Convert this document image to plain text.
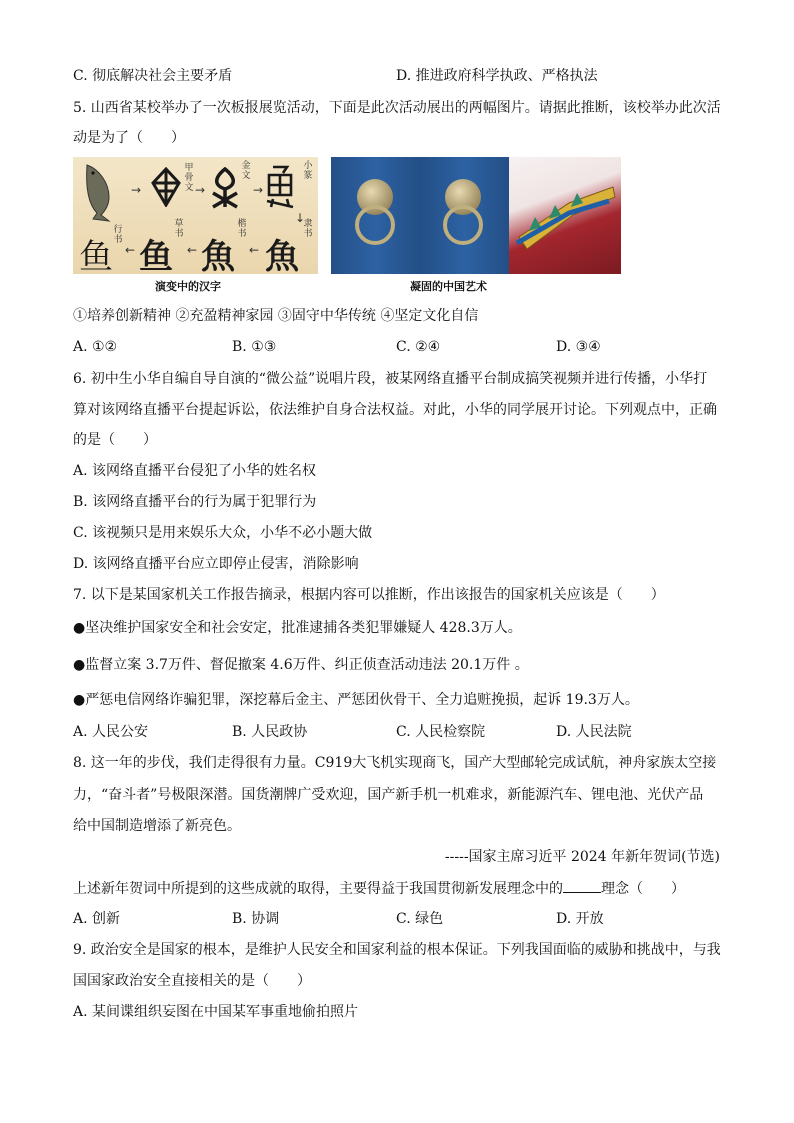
C. 彻底解决社会主要矛盾	D. 推进政府科学执政、严格执法
5. 山西省某校举办了一次板报展览活动，下面是此次活动展出的两幅图片。请据此推断，该校举办此次活
动是为了（　　）
→
甲骨文 →
金文
→
小篆
↓
鱼
行书
← 鱼
草书
← 魚
楷书
← 魚
隶书
演变中的汉字	凝固的中国艺术
①培养创新精神 ②充盈精神家园 ③固守中华传统 ④坚定文化自信
A. ①②	B. ①③	C. ②④	D. ③④
6. 初中生小华自编自导自演的“微公益”说唱片段，被某网络直播平台制成搞笑视频并进行传播，小华打
算对该网络直播平台提起诉讼，依法维护自身合法权益。对此，小华的同学展开讨论。下列观点中，正确
的是（　　）
A. 该网络直播平台侵犯了小华的姓名权
B. 该网络直播平台的行为属于犯罪行为
C. 该视频只是用来娱乐大众，小华不必小题大做
D. 该网络直播平台应立即停止侵害，消除影响
7. 以下是某国家机关工作报告摘录，根据内容可以推断，作出该报告的国家机关应该是（　　）
●坚决维护国家安全和社会安定，批准逮捕各类犯罪嫌疑人 428.3万人。
●监督立案 3.7万件、督促撤案 4.6万件、纠正侦查活动违法 20.1万件 。
●严惩电信网络诈骗犯罪，深挖幕后金主、严惩团伙骨干、全力追赃挽损，起诉 19.3万人。
A. 人民公安	B. 人民政协	C. 人民检察院	D. 人民法院
8. 这一年的步伐，我们走得很有力量。C919大飞机实现商飞，国产大型邮轮完成试航，神舟家族太空接
力，“奋斗者”号极限深潜。国货潮牌广受欢迎，国产新手机一机难求，新能源汽车、锂电池、光伏产品
给中国制造增添了新亮色。
-----国家主席习近平 2024 年新年贺词(节选)
上述新年贺词中所提到的这些成就的取得，主要得益于我国贯彻新发展理念中的	理念（　　）
A. 创新	B. 协调	C. 绿色	D. 开放
9. 政治安全是国家的根本，是维护人民安全和国家利益的根本保证。下列我国面临的威胁和挑战中，与我
国国家政治安全直接相关的是（　　）
A. 某间谍组织妄图在中国某军事重地偷拍照片
